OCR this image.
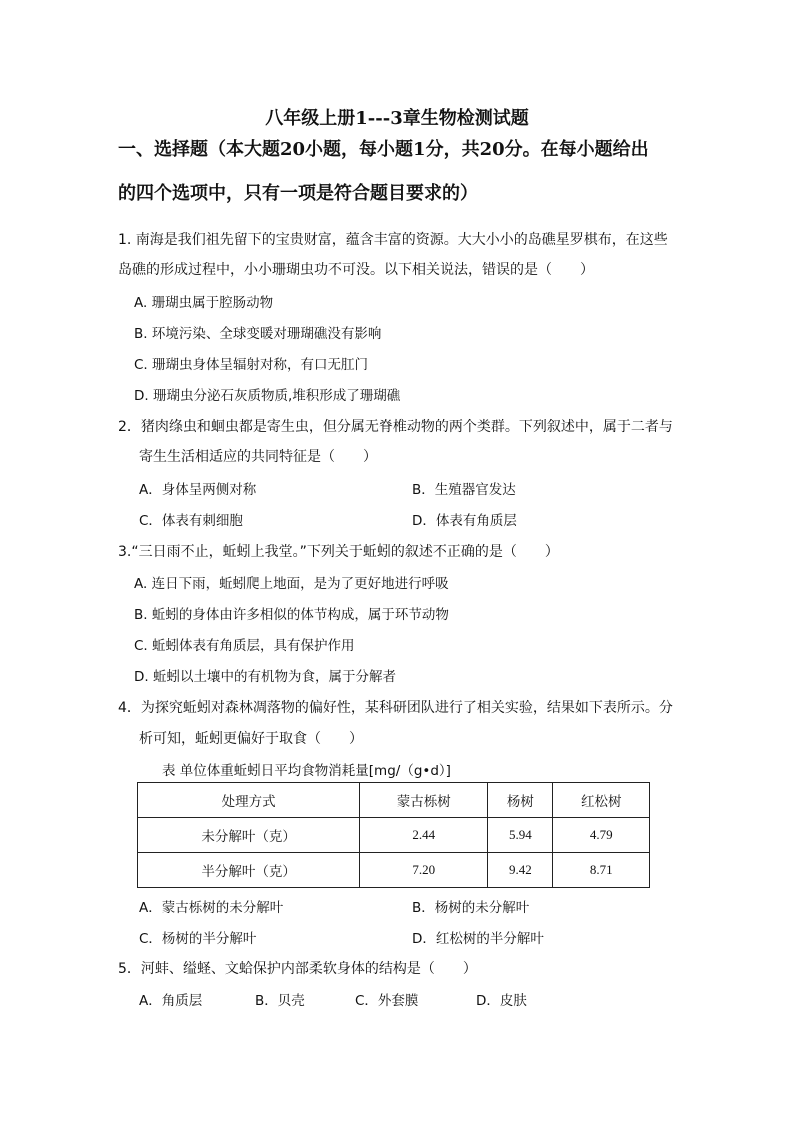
八年级上册1---3章生物检测试题
一、选择题（本大题20小题，每小题1分，共20分。在每小题给出
的四个选项中，只有一项是符合题目要求的）
1. 南海是我们祖先留下的宝贵财富，蕴含丰富的资源。大大小小的岛礁星罗棋布，在这些
岛礁的形成过程中，小小珊瑚虫功不可没。以下相关说法，错误的是（　　）
A. 珊瑚虫属于腔肠动物
B. 环境污染、全球变暖对珊瑚礁没有影响
C. 珊瑚虫身体呈辐射对称，有口无肛门
D. 珊瑚虫分泌石灰质物质,堆积形成了珊瑚礁
2．猪肉绦虫和蛔虫都是寄生虫，但分属无脊椎动物的两个类群。下列叙述中，属于二者与
寄生生活相适应的共同特征是（　　）
A．身体呈两侧对称	B．生殖器官发达
C．体表有刺细胞	D．体表有角质层
3.“三日雨不止，蚯蚓上我堂。”下列关于蚯蚓的叙述不正确的是（　　）
A. 连日下雨，蚯蚓爬上地面，是为了更好地进行呼吸
B. 蚯蚓的身体由许多相似的体节构成，属于环节动物
C. 蚯蚓体表有角质层，具有保护作用
D. 蚯蚓以土壤中的有机物为食，属于分解者
4．为探究蚯蚓对森林凋落物的偏好性，某科研团队进行了相关实验，结果如下表所示。分
析可知，蚯蚓更偏好于取食（　　）
表 单位体重蚯蚓日平均食物消耗量[mg/（g•d）]
处理方式	蒙古栎树	杨树	红松树
未分解叶（克）	2.44	5.94	4.79
半分解叶（克）	7.20	9.42	8.71
A．蒙古栎树的未分解叶	B．杨树的未分解叶
C．杨树的半分解叶	D．红松树的半分解叶
5．河蚌、缢蛏、文蛤保护内部柔软身体的结构是（　　）
A．角质层	B．贝壳	C．外套膜	D．皮肤
